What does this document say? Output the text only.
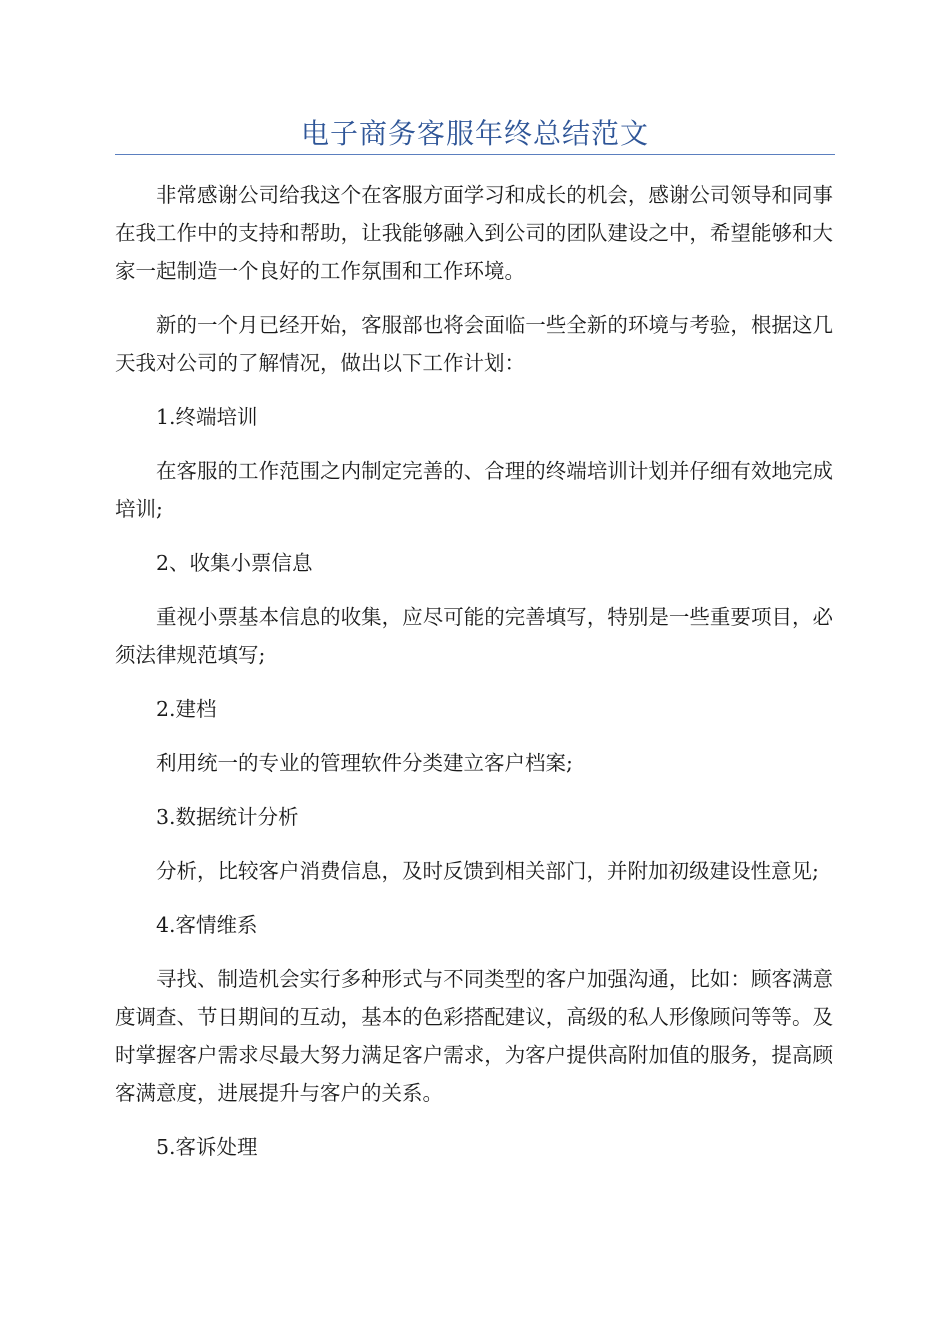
电子商务客服年终总结范文

非常感谢公司给我这个在客服方面学习和成长的机会，感谢公司领导和同事在我工作中的支持和帮助，让我能够融入到公司的团队建设之中，希望能够和大家一起制造一个良好的工作氛围和工作环境。

新的一个月已经开始，客服部也将会面临一些全新的环境与考验，根据这几天我对公司的了解情况，做出以下工作计划：

1.终端培训

在客服的工作范围之内制定完善的、合理的终端培训计划并仔细有效地完成培训;

2、收集小票信息

重视小票基本信息的收集，应尽可能的完善填写，特别是一些重要项目，必须法律规范填写;

2.建档

利用统一的专业的管理软件分类建立客户档案;

3.数据统计分析

分析，比较客户消费信息，及时反馈到相关部门，并附加初级建设性意见;

4.客情维系

寻找、制造机会实行多种形式与不同类型的客户加强沟通，比如：顾客满意度调查、节日期间的互动，基本的色彩搭配建议，高级的私人形像顾问等等。及时掌握客户需求尽最大努力满足客户需求，为客户提供高附加值的服务，提高顾客满意度，进展提升与客户的关系。

5.客诉处理
